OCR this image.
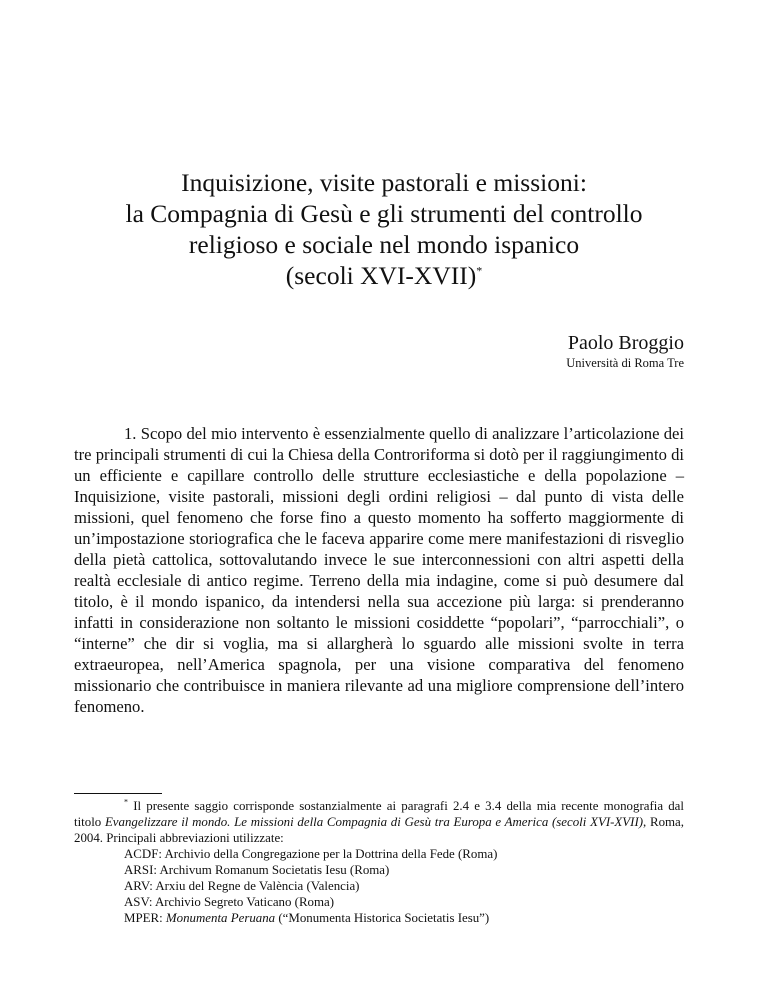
Inquisizione, visite pastorali e missioni:
la Compagnia di Gesù e gli strumenti del controllo
religioso e sociale nel mondo ispanico
(secoli XVI-XVII)*
Paolo Broggio
Università di Roma Tre

1. Scopo del mio intervento è essenzialmente quello di analizzare l’articolazione dei tre principali strumenti di cui la Chiesa della Controriforma si dotò per il raggiungimento di un efficiente e capillare controllo delle strutture ecclesiastiche e della popolazione – Inquisizione, visite pastorali, missioni degli ordini religiosi – dal punto di vista delle missioni, quel fenomeno che forse fino a questo momento ha sofferto maggiormente di un’impostazione storiografica che le faceva apparire come mere manifestazioni di risveglio della pietà cattolica, sottovalutando invece le sue interconnessioni con altri aspetti della realtà ecclesiale di antico regime. Terreno della mia indagine, come si può desumere dal titolo, è il mondo ispanico, da intendersi nella sua accezione più larga: si prenderanno infatti in considerazione non soltanto le missioni cosiddette “popolari”, “parrocchiali”, o “interne” che dir si voglia, ma si allargherà lo sguardo alle missioni svolte in terra extraeuropea, nell’America spagnola, per una visione comparativa del fenomeno missionario che contribuisce in maniera rilevante ad una migliore comprensione dell’intero fenomeno.

* Il presente saggio corrisponde sostanzialmente ai paragrafi 2.4 e 3.4 della mia recente monografia dal titolo Evangelizzare il mondo. Le missioni della Compagnia di Gesù tra Europa e America (secoli XVI-XVII), Roma, 2004. Principali abbreviazioni utilizzate:

ACDF: Archivio della Congregazione per la Dottrina della Fede (Roma)
ARSI: Archivum Romanum Societatis Iesu (Roma)
ARV: Arxiu del Regne de València (Valencia)
ASV: Archivio Segreto Vaticano (Roma)
MPER: Monumenta Peruana (“Monumenta Historica Societatis Iesu”)
